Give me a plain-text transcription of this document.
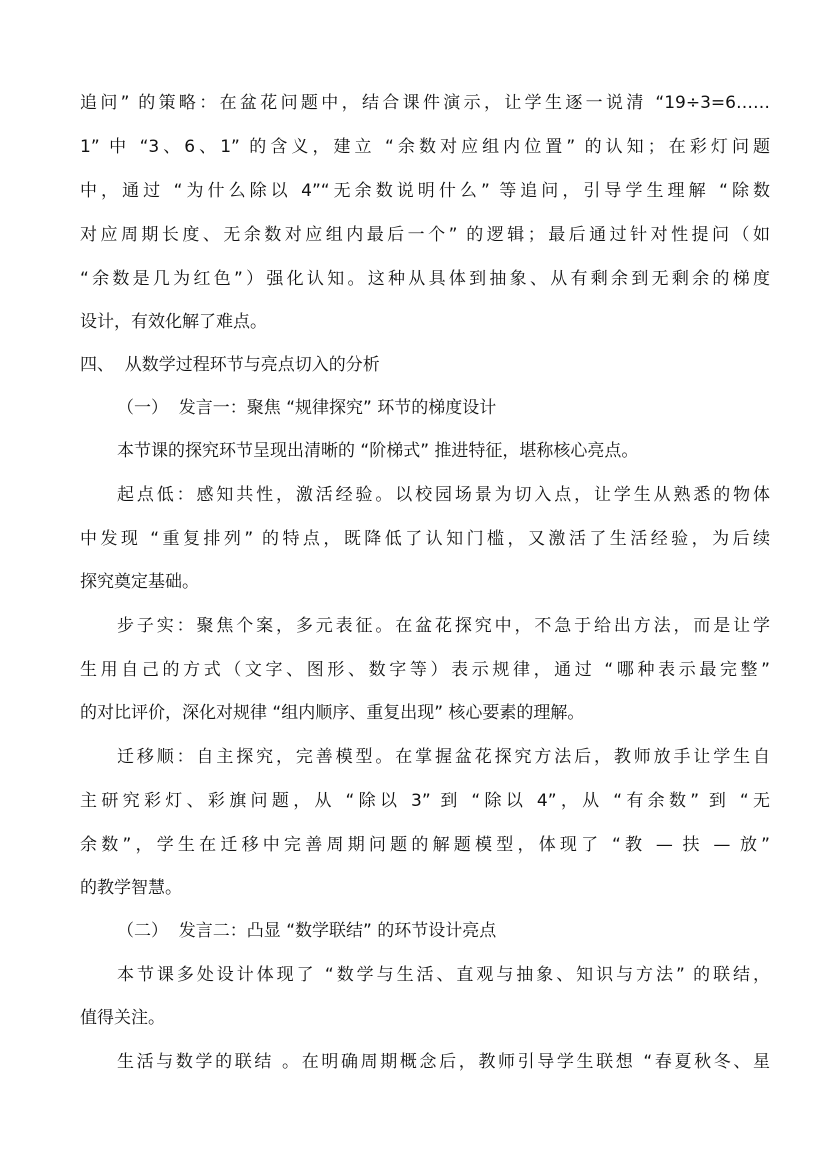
追问” 的策略：在盆花问题中，结合课件演示，让学生逐一说清 “19÷3=6……
1” 中 “3、6、1” 的含义，建立 “余数对应组内位置” 的认知；在彩灯问题
中，通过 “为什么除以 4”“无余数说明什么” 等追问，引导学生理解 “除数
对应周期长度、无余数对应组内最后一个” 的逻辑；最后通过针对性提问（如
“余数是几为红色”）强化认知。这种从具体到抽象、从有剩余到无剩余的梯度
设计，有效化解了难点。
四、  从数学过程环节与亮点切入的分析
（一）  发言一：聚焦 “规律探究” 环节的梯度设计
本节课的探究环节呈现出清晰的 “阶梯式” 推进特征，堪称核心亮点。
起点低：感知共性，激活经验。以校园场景为切入点，让学生从熟悉的物体
中发现 “重复排列” 的特点，既降低了认知门槛，又激活了生活经验，为后续
探究奠定基础。
步子实：聚焦个案，多元表征。在盆花探究中，不急于给出方法，而是让学
生用自己的方式（文字、图形、数字等）表示规律，通过 “哪种表示最完整”
的对比评价，深化对规律 “组内顺序、重复出现” 核心要素的理解。
迁移顺：自主探究，完善模型。在掌握盆花探究方法后，教师放手让学生自
主研究彩灯、彩旗问题，从 “除以 3” 到 “除以 4”，从 “有余数” 到 “无
余数”，学生在迁移中完善周期问题的解题模型，体现了 “教 — 扶 — 放”
的教学智慧。
（二）  发言二：凸显 “数学联结” 的环节设计亮点
本节课多处设计体现了 “数学与生活、直观与抽象、知识与方法” 的联结，
值得关注。
生活与数学的联结 。在明确周期概念后，教师引导学生联想 “春夏秋冬、星
